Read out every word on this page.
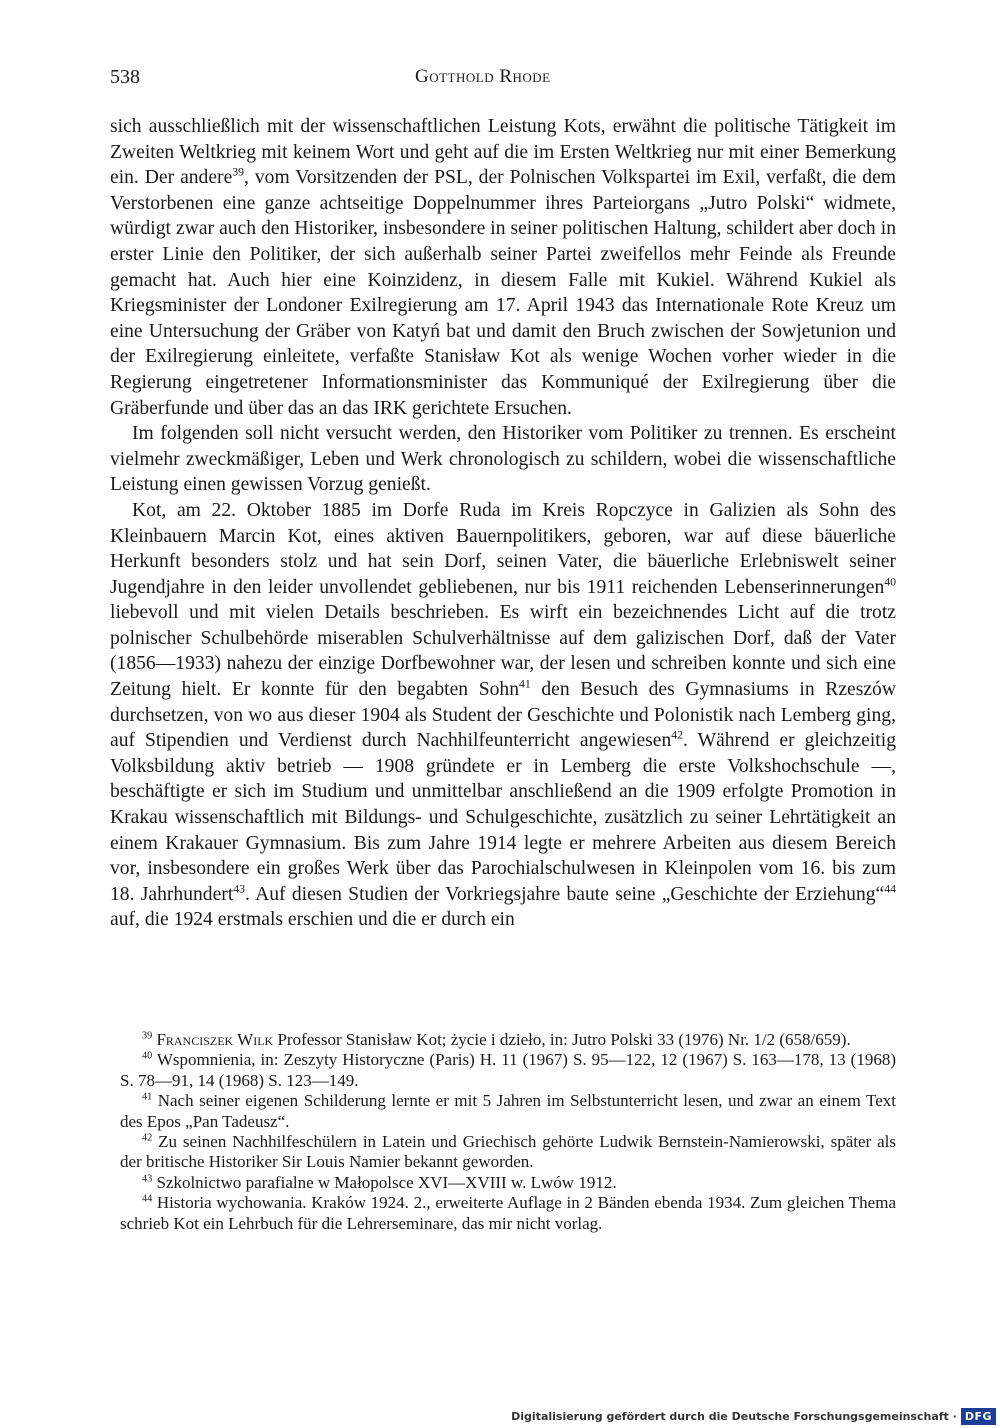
538	Gotthold Rhode

sich ausschließlich mit der wissenschaftlichen Leistung Kots, erwähnt die politische Tätigkeit im Zweiten Weltkrieg mit keinem Wort und geht auf die im Ersten Weltkrieg nur mit einer Bemerkung ein. Der andere$^{39}$, vom Vorsitzenden der PSL, der Polnischen Volkspartei im Exil, verfaßt, die dem Verstorbenen eine ganze achtseitige Doppelnummer ihres Parteiorgans „Jutro Polski“ widmete, würdigt zwar auch den Historiker, insbesondere in seiner politischen Haltung, schildert aber doch in erster Linie den Politiker, der sich außerhalb seiner Partei zweifellos mehr Feinde als Freunde gemacht hat. Auch hier eine Koinzidenz, in diesem Falle mit Kukiel. Während Kukiel als Kriegsminister der Londoner Exilregierung am 17. April 1943 das Internationale Rote Kreuz um eine Untersuchung der Gräber von Katyń bat und damit den Bruch zwischen der Sowjetunion und der Exilregierung einleitete, verfaßte Stanisław Kot als wenige Wochen vorher wieder in die Regierung eingetretener Informationsminister das Kommuniqué der Exilregierung über die Gräberfunde und über das an das IRK gerichtete Ersuchen.

Im folgenden soll nicht versucht werden, den Historiker vom Politiker zu trennen. Es erscheint vielmehr zweckmäßiger, Leben und Werk chronologisch zu schildern, wobei die wissenschaftliche Leistung einen gewissen Vorzug genießt.

Kot, am 22. Oktober 1885 im Dorfe Ruda im Kreis Ropczyce in Galizien als Sohn des Kleinbauern Marcin Kot, eines aktiven Bauernpolitikers, geboren, war auf diese bäuerliche Herkunft besonders stolz und hat sein Dorf, seinen Vater, die bäuerliche Erlebniswelt seiner Jugendjahre in den leider unvollendet gebliebenen, nur bis 1911 reichenden Lebenserinnerungen$^{40}$ liebevoll und mit vielen Details beschrieben. Es wirft ein bezeichnendes Licht auf die trotz polnischer Schulbehörde miserablen Schulverhältnisse auf dem galizischen Dorf, daß der Vater (1856—1933) nahezu der einzige Dorfbewohner war, der lesen und schreiben konnte und sich eine Zeitung hielt. Er konnte für den begabten Sohn$^{41}$ den Besuch des Gymnasiums in Rzeszów durchsetzen, von wo aus dieser 1904 als Student der Geschichte und Polonistik nach Lemberg ging, auf Stipendien und Verdienst durch Nachhilfeunterricht angewiesen$^{42}$. Während er gleichzeitig Volksbildung aktiv betrieb — 1908 gründete er in Lemberg die erste Volkshochschule —, beschäftigte er sich im Studium und unmittelbar anschließend an die 1909 erfolgte Promotion in Krakau wissenschaftlich mit Bildungs- und Schulgeschichte, zusätzlich zu seiner Lehrtätigkeit an einem Krakauer Gymnasium. Bis zum Jahre 1914 legte er mehrere Arbeiten aus diesem Bereich vor, insbesondere ein großes Werk über das Parochialschulwesen in Kleinpolen vom 16. bis zum 18. Jahrhundert$^{43}$. Auf diesen Studien der Vorkriegsjahre baute seine „Geschichte der Erziehung“$^{44}$ auf, die 1924 erstmals erschien und die er durch ein

$^{39}$ Franciszek Wilk Professor Stanisław Kot; życie i dzieło, in: Jutro Polski 33 (1976) Nr. 1/2 (658/659).

$^{40}$ Wspomnienia, in: Zeszyty Historyczne (Paris) H. 11 (1967) S. 95—122, 12 (1967) S. 163—178, 13 (1968) S. 78—91, 14 (1968) S. 123—149.

$^{41}$ Nach seiner eigenen Schilderung lernte er mit 5 Jahren im Selbstunterricht lesen, und zwar an einem Text des Epos „Pan Tadeusz“.

$^{42}$ Zu seinen Nachhilfeschülern in Latein und Griechisch gehörte Ludwik Bernstein-Namierowski, später als der britische Historiker Sir Louis Namier bekannt geworden.

$^{43}$ Szkolnictwo parafialne w Małopolsce XVI—XVIII w. Lwów 1912.

$^{44}$ Historia wychowania. Kraków 1924. 2., erweiterte Auflage in 2 Bänden ebenda 1934. Zum gleichen Thema schrieb Kot ein Lehrbuch für die Lehrerseminare, das mir nicht vorlag.

Digitalisierung gefördert durch die Deutsche Forschungsgemeinschaft · DFG
